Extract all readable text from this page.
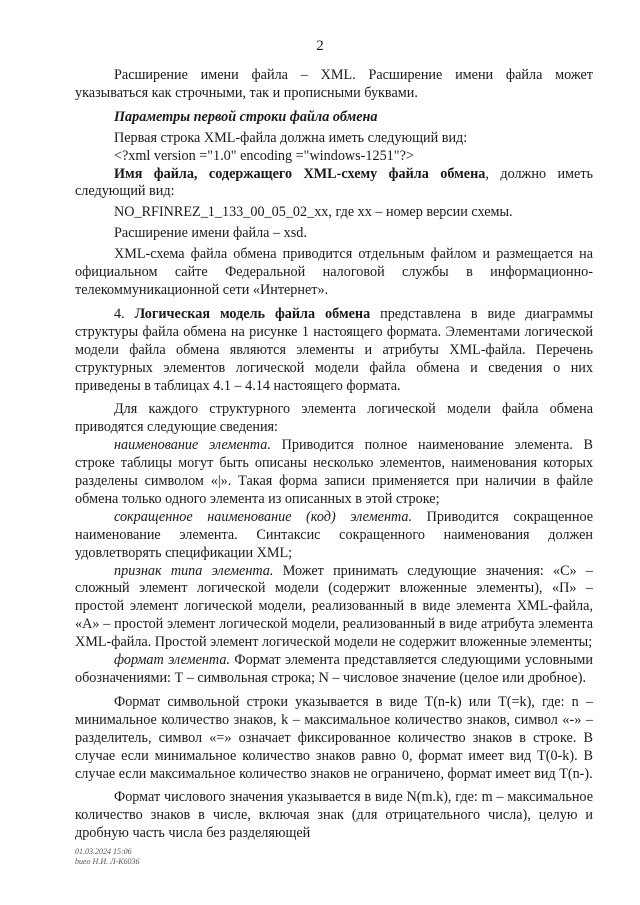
2

Расширение имени файла – XML. Расширение имени файла может указываться как строчными, так и прописными буквами.

Параметры первой строки файла обмена

Первая строка XML-файла должна иметь следующий вид:

<?xml version ="1.0" encoding ="windows-1251"?>

Имя файла, содержащего XML-схему файла обмена, должно иметь следующий вид:

NO_RFINREZ_1_133_00_05_02_xx, где хх – номер версии схемы.

Расширение имени файла – xsd.

XML-схема файла обмена приводится отдельным файлом и размещается на официальном сайте Федеральной налоговой службы в информационно-телекоммуникационной сети «Интернет».

4. Логическая модель файла обмена представлена в виде диаграммы структуры файла обмена на рисунке 1 настоящего формата. Элементами логической модели файла обмена являются элементы и атрибуты XML-файла. Перечень структурных элементов логической модели файла обмена и сведения о них приведены в таблицах 4.1 – 4.14 настоящего формата.

Для каждого структурного элемента логической модели файла обмена приводятся следующие сведения:

наименование элемента. Приводится полное наименование элемента. В строке таблицы могут быть описаны несколько элементов, наименования которых разделены символом «|». Такая форма записи применяется при наличии в файле обмена только одного элемента из описанных в этой строке;

сокращенное наименование (код) элемента. Приводится сокращенное наименование элемента. Синтаксис сокращенного наименования должен удовлетворять спецификации XML;

признак типа элемента. Может принимать следующие значения: «С» – сложный элемент логической модели (содержит вложенные элементы), «П» – простой элемент логической модели, реализованный в виде элемента XML-файла, «А» – простой элемент логической модели, реализованный в виде атрибута элемента XML-файла. Простой элемент логической модели не содержит вложенные элементы;

формат элемента. Формат элемента представляется следующими условными обозначениями: Т – символьная строка; N – числовое значение (целое или дробное).

Формат символьной строки указывается в виде Т(n-k) или Т(=k), где: n – минимальное количество знаков, k – максимальное количество знаков, символ «-» – разделитель, символ «=» означает фиксированное количество знаков в строке. В случае если минимальное количество знаков равно 0, формат имеет вид Т(0-k). В случае если максимальное количество знаков не ограничено, формат имеет вид Т(n-).

Формат числового значения указывается в виде N(m.k), где: m – максимальное количество знаков в числе, включая знак (для отрицательного числа), целую и дробную часть числа без разделяющей

01.03.2024 15:06
bueo Н.И. Л-К6036
